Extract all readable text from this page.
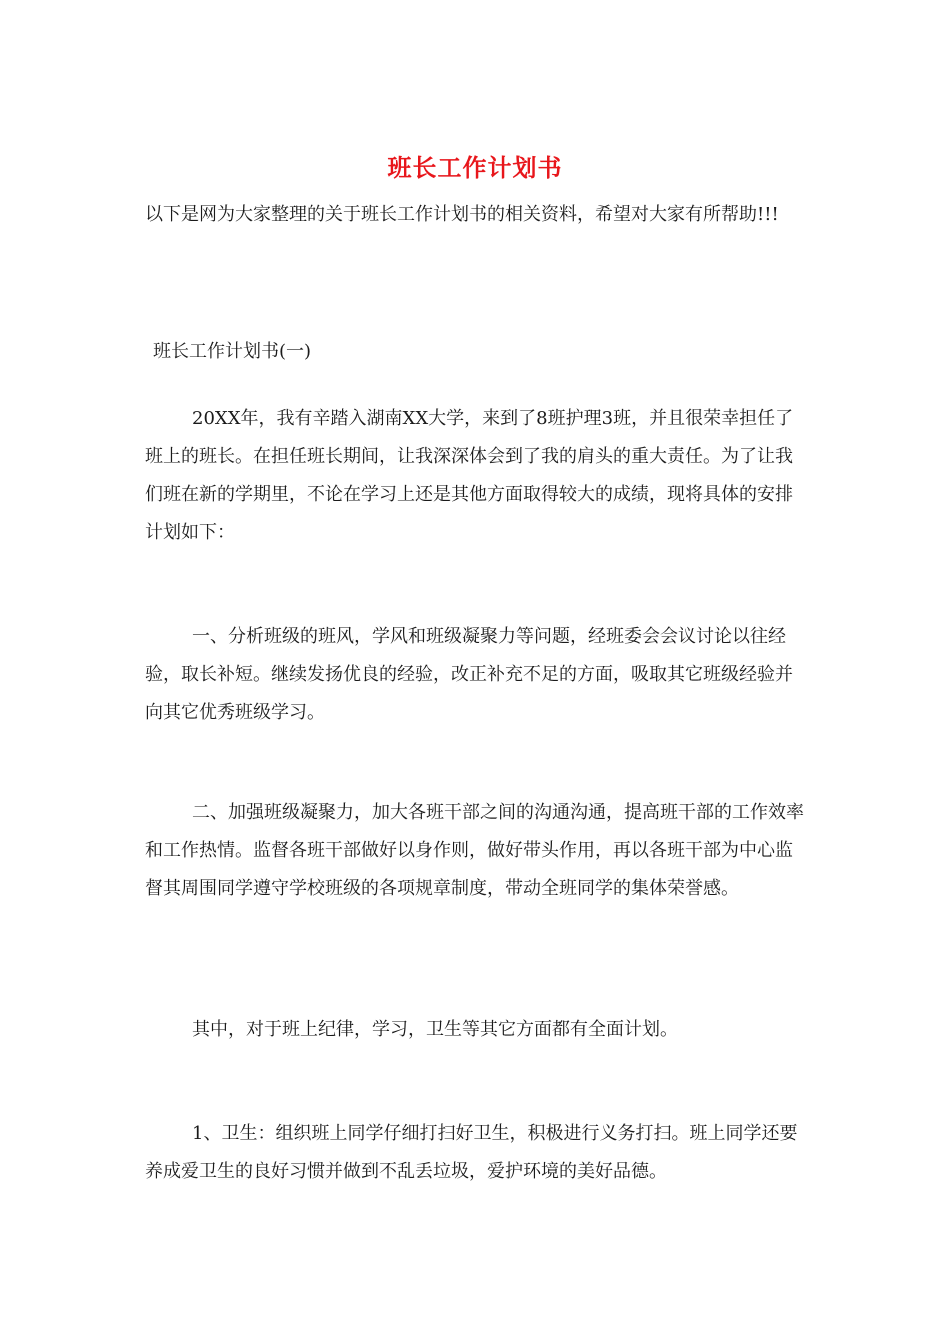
班长工作计划书
以下是网为大家整理的关于班长工作计划书的相关资料，希望对大家有所帮助!!!
班长工作计划书(一)
20XX年，我有辛踏入湖南XX大学，来到了8班护理3班，并且很荣幸担任了班上的班长。在担任班长期间，让我深深体会到了我的肩头的重大责任。为了让我们班在新的学期里，不论在学习上还是其他方面取得较大的成绩，现将具体的安排计划如下：
一、分析班级的班风，学风和班级凝聚力等问题，经班委会会议讨论以往经验，取长补短。继续发扬优良的经验，改正补充不足的方面，吸取其它班级经验并向其它优秀班级学习。
二、加强班级凝聚力，加大各班干部之间的沟通沟通，提高班干部的工作效率和工作热情。监督各班干部做好以身作则，做好带头作用，再以各班干部为中心监督其周围同学遵守学校班级的各项规章制度，带动全班同学的集体荣誉感。
其中，对于班上纪律，学习，卫生等其它方面都有全面计划。
1、卫生：组织班上同学仔细打扫好卫生，积极进行义务打扫。班上同学还要养成爱卫生的良好习惯并做到不乱丢垃圾，爱护环境的美好品德。
